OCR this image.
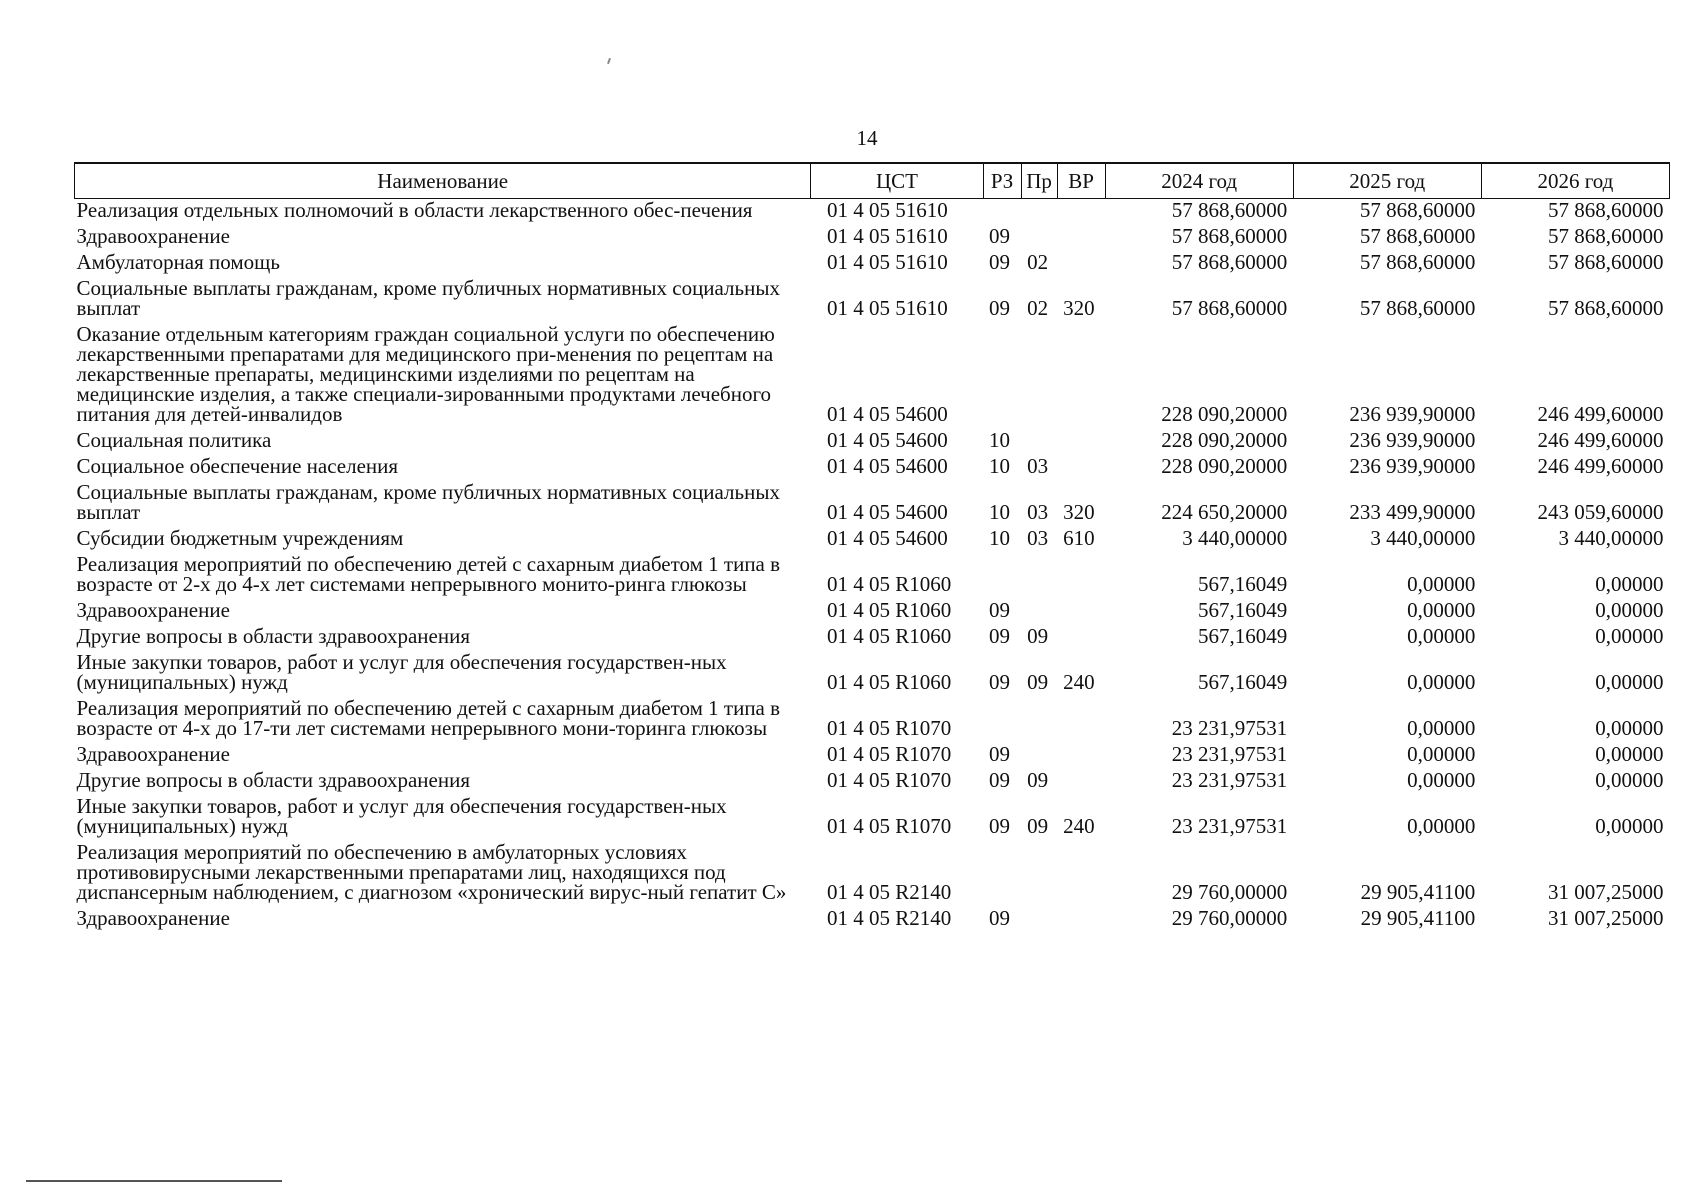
14
Наименование	ЦСТ	РЗ	Пр	ВР	2024 год	2025 год	2026 год
Реализация отдельных полномочий в области лекарственного обес-печения	01 4 05 51610				57 868,60000	57 868,60000	57 868,60000
Здравоохранение	01 4 05 51610	09			57 868,60000	57 868,60000	57 868,60000
Амбулаторная помощь	01 4 05 51610	09	02		57 868,60000	57 868,60000	57 868,60000
Социальные выплаты гражданам, кроме публичных нормативных социальных выплат	01 4 05 51610	09	02	320	57 868,60000	57 868,60000	57 868,60000
Оказание отдельным категориям граждан социальной услуги по обеспечению лекарственными препаратами для медицинского при-менения по рецептам на лекарственные препараты, медицинскими изделиями по рецептам на медицинские изделия, а также специали-зированными продуктами лечебного питания для детей-инвалидов	01 4 05 54600				228 090,20000	236 939,90000	246 499,60000
Социальная политика	01 4 05 54600	10			228 090,20000	236 939,90000	246 499,60000
Социальное обеспечение населения	01 4 05 54600	10	03		228 090,20000	236 939,90000	246 499,60000
Социальные выплаты гражданам, кроме публичных нормативных социальных выплат	01 4 05 54600	10	03	320	224 650,20000	233 499,90000	243 059,60000
Субсидии бюджетным учреждениям	01 4 05 54600	10	03	610	3 440,00000	3 440,00000	3 440,00000
Реализация мероприятий по обеспечению детей с сахарным диабетом 1 типа в возрасте от 2-х до 4-х лет системами непрерывного монито-ринга глюкозы	01 4 05 R1060				567,16049	0,00000	0,00000
Здравоохранение	01 4 05 R1060	09			567,16049	0,00000	0,00000
Другие вопросы в области здравоохранения	01 4 05 R1060	09	09		567,16049	0,00000	0,00000
Иные закупки товаров, работ и услуг для обеспечения государствен-ных (муниципальных) нужд	01 4 05 R1060	09	09	240	567,16049	0,00000	0,00000
Реализация мероприятий по обеспечению детей с сахарным диабетом 1 типа в возрасте от 4-х до 17-ти лет системами непрерывного мони-торинга глюкозы	01 4 05 R1070				23 231,97531	0,00000	0,00000
Здравоохранение	01 4 05 R1070	09			23 231,97531	0,00000	0,00000
Другие вопросы в области здравоохранения	01 4 05 R1070	09	09		23 231,97531	0,00000	0,00000
Иные закупки товаров, работ и услуг для обеспечения государствен-ных (муниципальных) нужд	01 4 05 R1070	09	09	240	23 231,97531	0,00000	0,00000
Реализация мероприятий по обеспечению в амбулаторных условиях противовирусными лекарственными препаратами лиц, находящихся под диспансерным наблюдением, с диагнозом «хронический вирус-ный гепатит С»	01 4 05 R2140				29 760,00000	29 905,41100	31 007,25000
Здравоохранение	01 4 05 R2140	09			29 760,00000	29 905,41100	31 007,25000
